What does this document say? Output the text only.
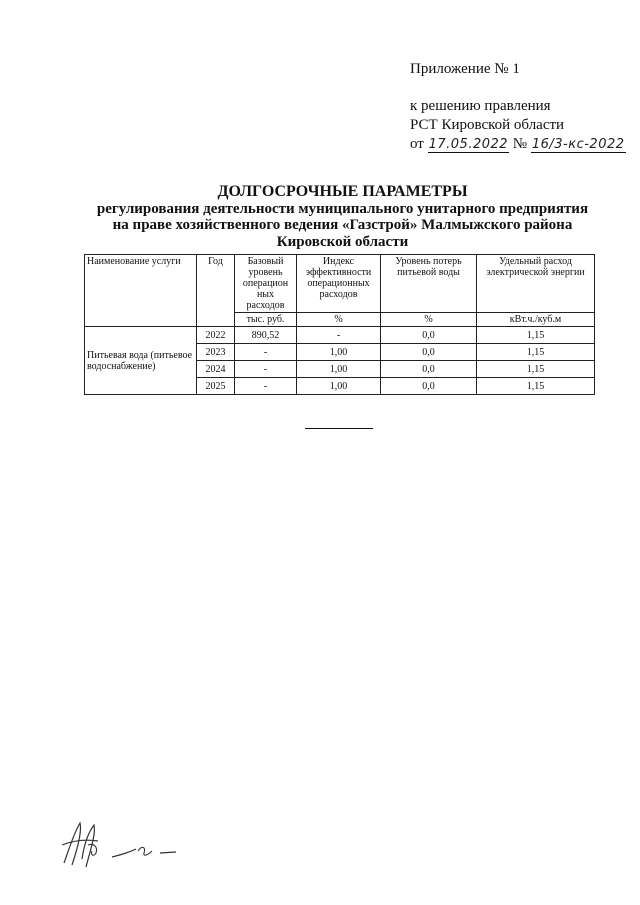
Приложение № 1
к решению правления
РСТ Кировской области
от 17.05.2022 № 16/3-кс-2022
ДОЛГОСРОЧНЫЕ ПАРАМЕТРЫ
регулирования деятельности муниципального унитарного предприятия
на праве хозяйственного ведения «Газстрой» Малмыжского района
Кировской области
Наименование услуги	Год	Базовый уровень операцион ных расходов	Индекс эффективности операционных расходов	Уровень потерь питьевой воды	Удельный расход электрической энергии
		тыс. руб.	%	%	кВт.ч./куб.м
Питьевая вода (питьевое водоснабжение)	2022	890,52	-	0,0	1,15
	2023	-	1,00	0,0	1,15
	2024	-	1,00	0,0	1,15
	2025	-	1,00	0,0	1,15
